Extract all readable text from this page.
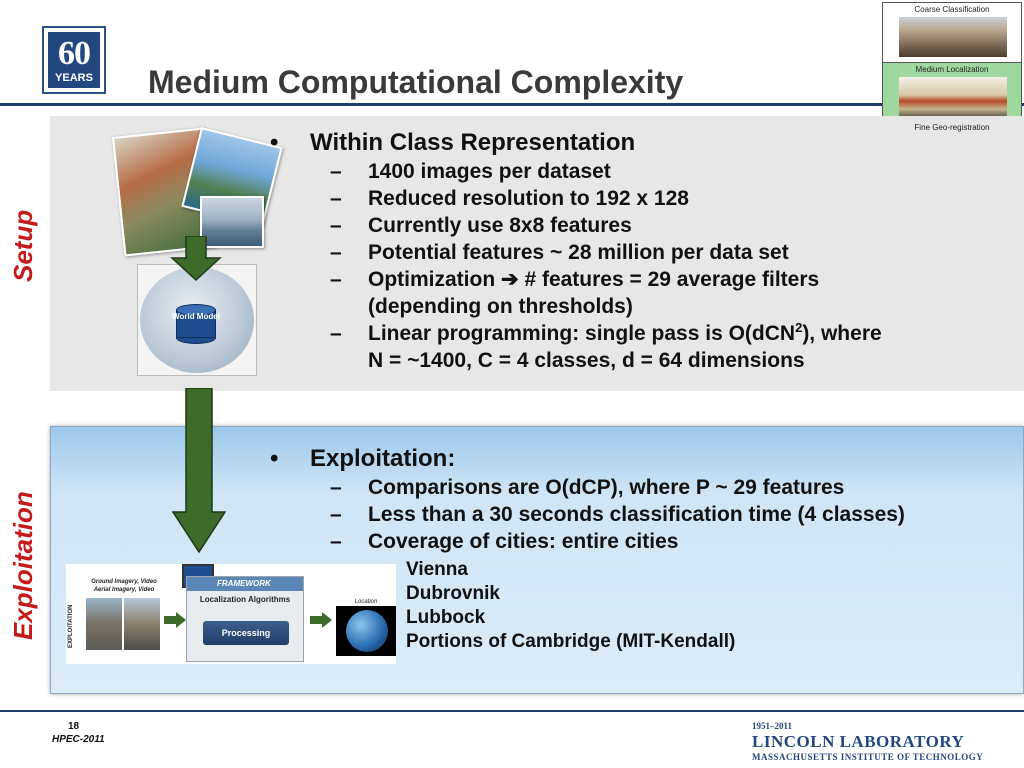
60
YEARS Medium Computational Complexity
Coarse Classification
Medium Localization
Fine Geo-registration
Setup
Exploitation
World Model
• Within Class Representation
– 1400 images per dataset
– Reduced resolution to 192 x 128
– Currently use 8x8 features
– Potential features ~ 28 million per data set
– Optimization ➔ # features = 29 average filters
(depending on thresholds)
– Linear programming: single pass is O(dCN$^2$), where
N = ~1400, C = 4 classes, d = 64 dimensions
• Exploitation:
– Comparisons are O(dCP), where P ~ 29 features
– Less than a 30 seconds classification time (4 classes)
– Coverage of cities: entire cities
Vienna
Dubrovnik
Lubbock
Portions of Cambridge (MIT-Kendall)
EXPLOITATION
Ground Imagery, Video Aerial Imagery, Video
FRAMEWORK
Localization Algorithms
Processing
Location
18
HPEC-2011
1951–2011
LINCOLN LABORATORY
MASSACHUSETTS INSTITUTE OF TECHNOLOGY
